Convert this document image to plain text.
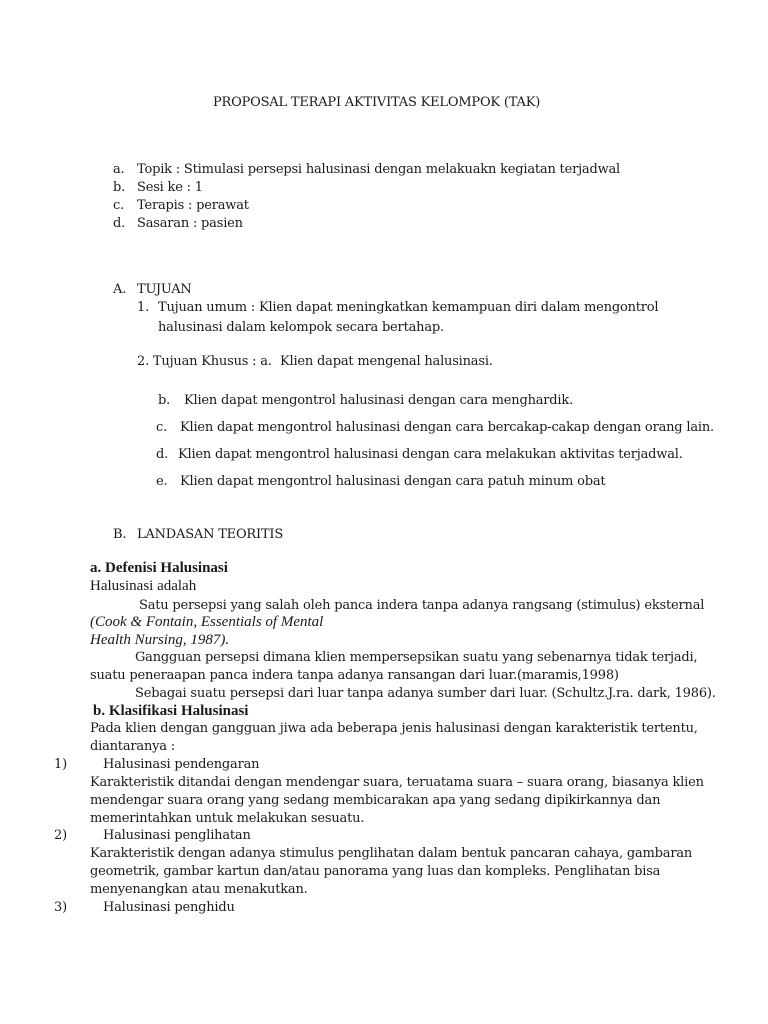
PROPOSAL TERAPI AKTIVITAS KELOMPOK (TAK)
a. Topik : Stimulasi persepsi halusinasi dengan melakuakn kegiatan terjadwal
b. Sesi ke : 1
c. Terapis : perawat
d. Sasaran : pasien
A. TUJUAN
1. Tujuan umum : Klien dapat meningkatkan kemampuan diri dalam mengontrol
halusinasi dalam kelompok secara bertahap.
2. Tujuan Khusus : a. Klien dapat mengenal halusinasi.
b. Klien dapat mengontrol halusinasi dengan cara menghardik.
c. Klien dapat mengontrol halusinasi dengan cara bercakap-cakap dengan orang lain.
d. Klien dapat mengontrol halusinasi dengan cara melakukan aktivitas terjadwal.
e. Klien dapat mengontrol halusinasi dengan cara patuh minum obat
B. LANDASAN TEORITIS
a. Defenisi Halusinasi
Halusinasi adalah
Satu persepsi yang salah oleh panca indera tanpa adanya rangsang (stimulus) eksternal
(Cook & Fontain, Essentials of Mental
Health Nursing, 1987).
Gangguan persepsi dimana klien mempersepsikan suatu yang sebenarnya tidak terjadi,
suatu peneraapan panca indera tanpa adanya ransangan dari luar.(maramis,1998)
Sebagai suatu persepsi dari luar tanpa adanya sumber dari luar. (Schultz.J.ra. dark, 1986).
b. Klasifikasi Halusinasi
Pada klien dengan gangguan jiwa ada beberapa jenis halusinasi dengan karakteristik tertentu,
diantaranya :
1)	Halusinasi pendengaran
Karakteristik ditandai dengan mendengar suara, teruatama suara – suara orang, biasanya klien
mendengar suara orang yang sedang membicarakan apa yang sedang dipikirkannya dan
memerintahkan untuk melakukan sesuatu.
2)	Halusinasi penglihatan
Karakteristik dengan adanya stimulus penglihatan dalam bentuk pancaran cahaya, gambaran
geometrik, gambar kartun dan/atau panorama yang luas dan kompleks. Penglihatan bisa
menyenangkan atau menakutkan.
3)	Halusinasi penghidu
